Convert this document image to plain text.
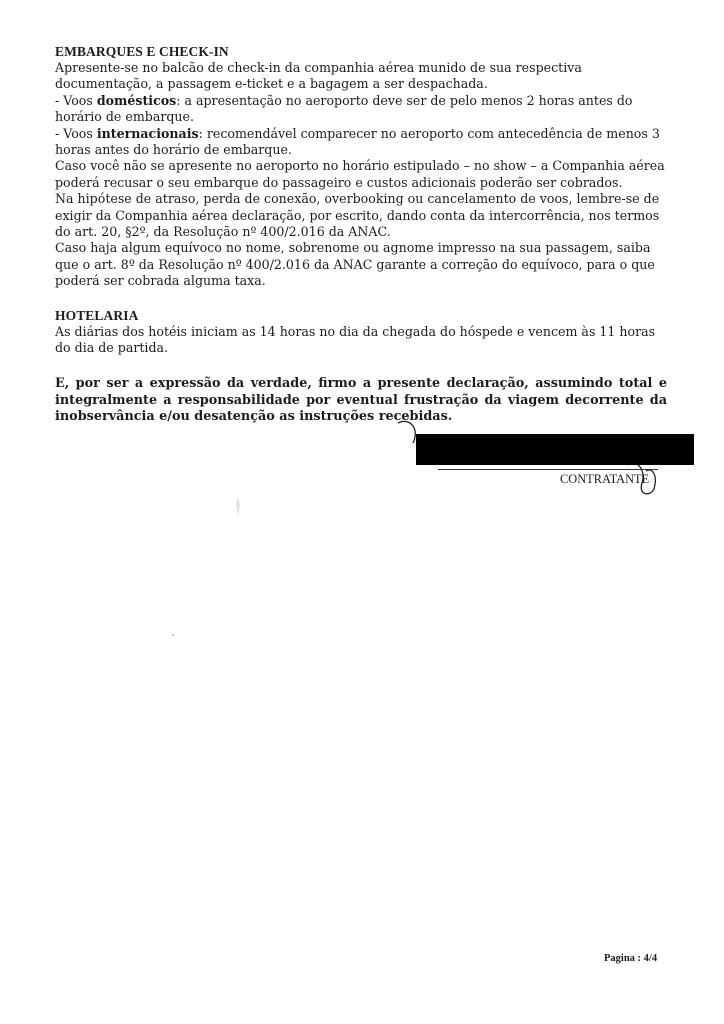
EMBARQUES E CHECK-IN

Apresente-se no balcão de check-in da companhia aérea munido de sua respectiva documentação, a passagem e-ticket e a bagagem a ser despachada.

- Voos domésticos: a apresentação no aeroporto deve ser de pelo menos 2 horas antes do horário de embarque.

- Voos internacionais: recomendável comparecer no aeroporto com antecedência de menos 3 horas antes do horário de embarque.

Caso você não se apresente no aeroporto no horário estipulado – no show – a Companhia aérea poderá recusar o seu embarque do passageiro e custos adicionais poderão ser cobrados.

Na hipótese de atraso, perda de conexão, overbooking ou cancelamento de voos, lembre-se de exigir da Companhia aérea declaração, por escrito, dando conta da intercorrência, nos termos do art. 20, §2º, da Resolução nº 400/2.016 da ANAC.

Caso haja algum equívoco no nome, sobrenome ou agnome impresso na sua passagem, saiba que o art. 8º da Resolução nº 400/2.016 da ANAC garante a correção do equívoco, para o que poderá ser cobrada alguma taxa.

HOTELARIA

As diárias dos hotéis iniciam as 14 horas no dia da chegada do hóspede e vencem às 11 horas do dia de partida.

E, por ser a expressão da verdade, firmo a presente declaração, assumindo total e integralmente a responsabilidade por eventual frustração da viagem decorrente da inobservância e/ou desatenção as instruções recebidas.

CONTRATANTE
Pagina : 4/4
